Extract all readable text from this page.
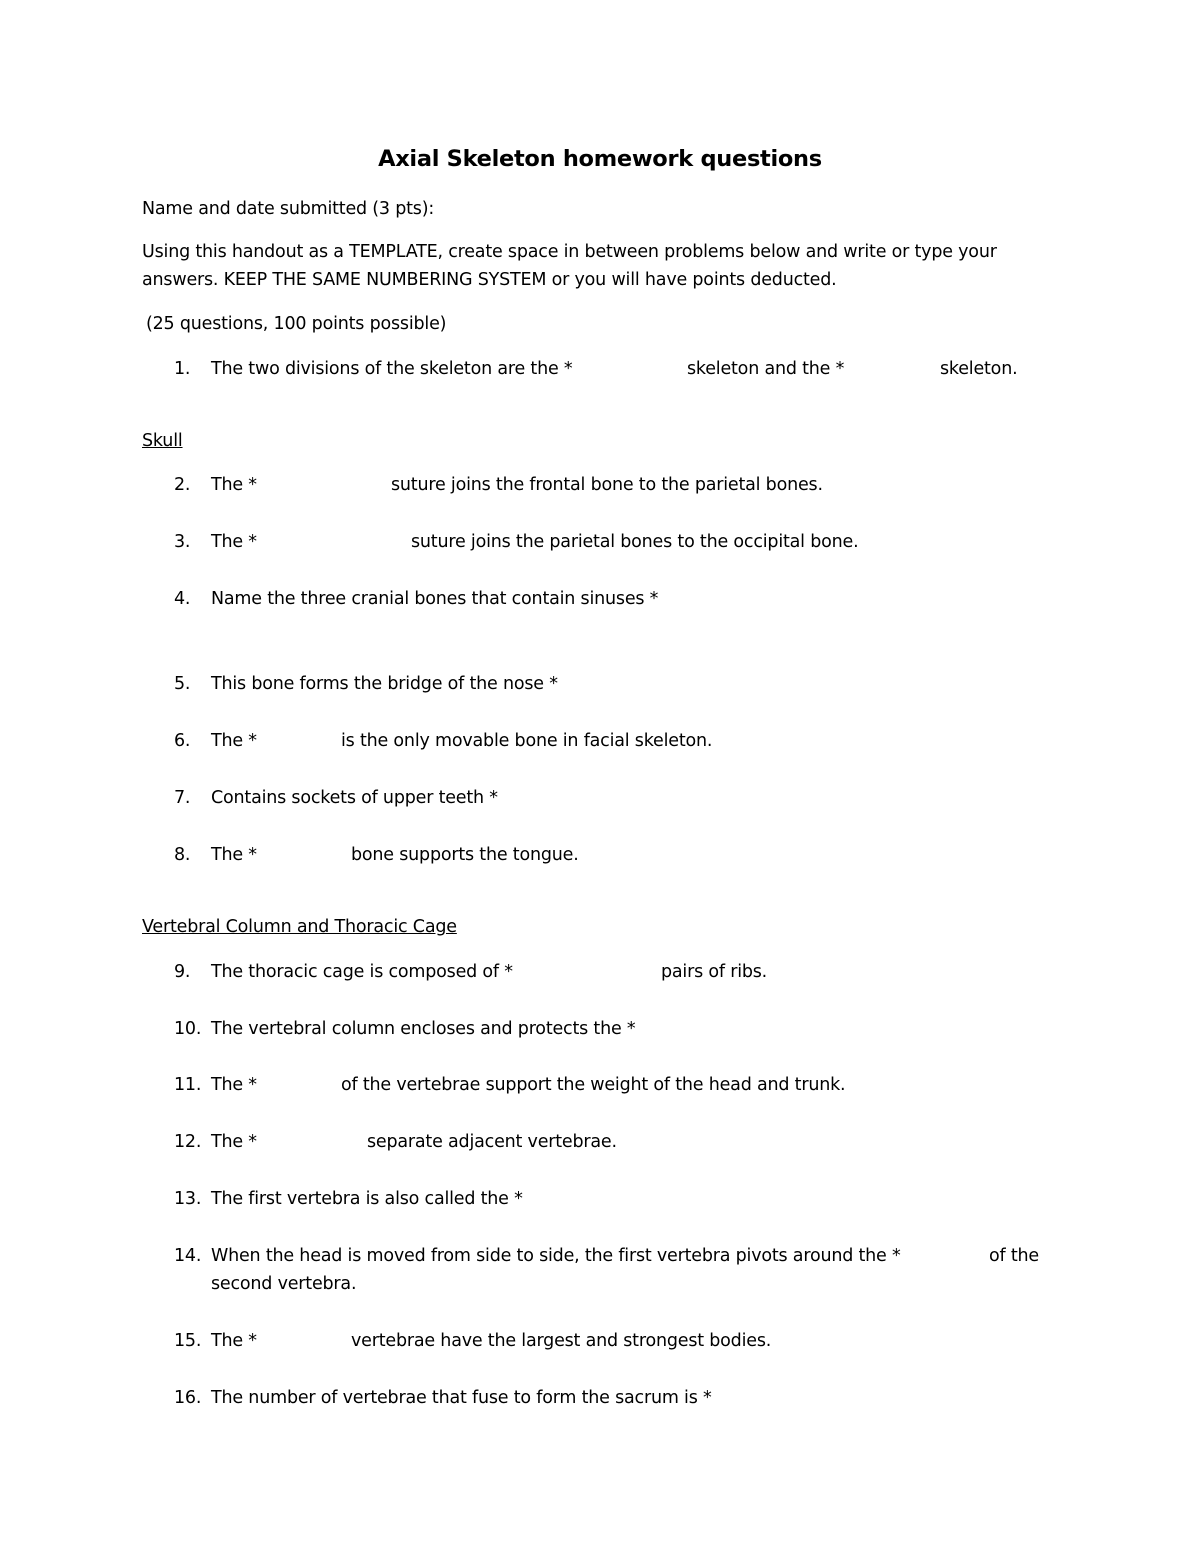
Axial Skeleton homework questions
Name and date submitted (3 pts):
Using this handout as a TEMPLATE, create space in between problems below and write or type your
answers. KEEP THE SAME NUMBERING SYSTEM or you will have points deducted.
(25 questions, 100 points possible)
1.	The two divisions of the skeleton are the *	skeleton and the *	skeleton.
Skull
2.	The *	suture joins the frontal bone to the parietal bones.
3.	The *	suture joins the parietal bones to the occipital bone.
4.	Name the three cranial bones that contain sinuses *
5.	This bone forms the bridge of the nose *
6.	The *	is the only movable bone in facial skeleton.
7.	Contains sockets of upper teeth *
8.	The *	bone supports the tongue.
Vertebral Column and Thoracic Cage
9.	The thoracic cage is composed of *	pairs of ribs.
10. The vertebral column encloses and protects the *
11. The *	of the vertebrae support the weight of the head and trunk.
12. The *	separate adjacent vertebrae.
13. The first vertebra is also called the *
14. When the head is moved from side to side, the first vertebra pivots around the *	of the
second vertebra.
15. The *	vertebrae have the largest and strongest bodies.
16. The number of vertebrae that fuse to form the sacrum is *
